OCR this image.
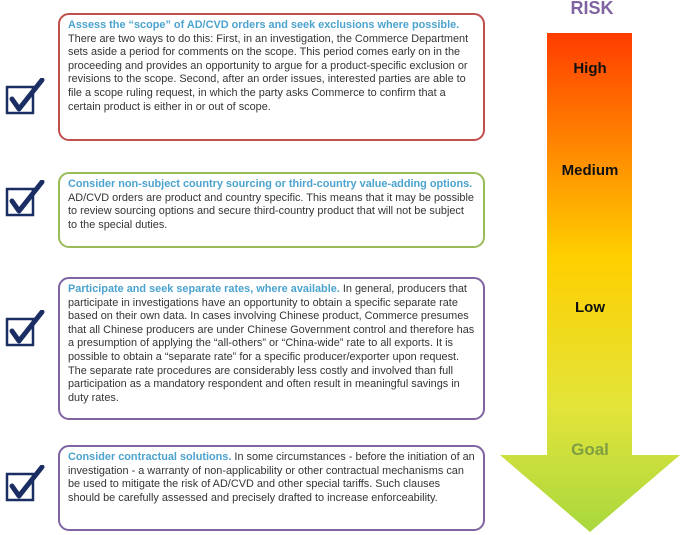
RISK
High
Medium
Low
Goal
Assess the “scope” of AD/CVD orders and seek exclusions where possible. There are two ways to do this: First, in an investigation, the Commerce Department sets aside a period for comments on the scope. This period comes early on in the proceeding and provides an opportunity to argue for a product-specific exclusion or revisions to the scope. Second, after an order issues, interested parties are able to file a scope ruling request, in which the party asks Commerce to confirm that a certain product is either in or out of scope.
Consider non-subject country sourcing or third-country value-adding options. AD/CVD orders are product and country specific. This means that it may be possible to review sourcing options and secure third-country product that will not be subject to the special duties.
Participate and seek separate rates, where available. In general, producers that participate in investigations have an opportunity to obtain a specific separate rate based on their own data. In cases involving Chinese product, Commerce presumes that all Chinese producers are under Chinese Government control and therefore has a presumption of applying the “all-others” or “China-wide” rate to all exports. It is possible to obtain a “separate rate” for a specific producer/exporter upon request. The separate rate procedures are considerably less costly and involved than full participation as a mandatory respondent and often result in meaningful savings in duty rates.
Consider contractual solutions. In some circumstances - before the initiation of an investigation - a warranty of non-applicability or other contractual mechanisms can be used to mitigate the risk of AD/CVD and other special tariffs. Such clauses should be carefully assessed and precisely drafted to increase enforceability.
